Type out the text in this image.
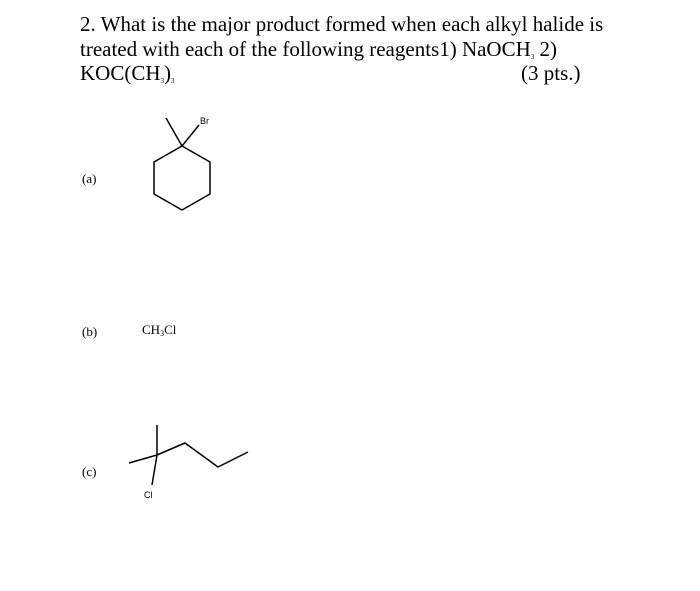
2. What is the major product formed when each alkyl halide is
treated with each of the following reagents1) NaOCH$_3$ 2)
$KOC(CH_3)_3$	(3 pts.)
(a)
(b)
(c)
CH3Cl
Br
Cl
